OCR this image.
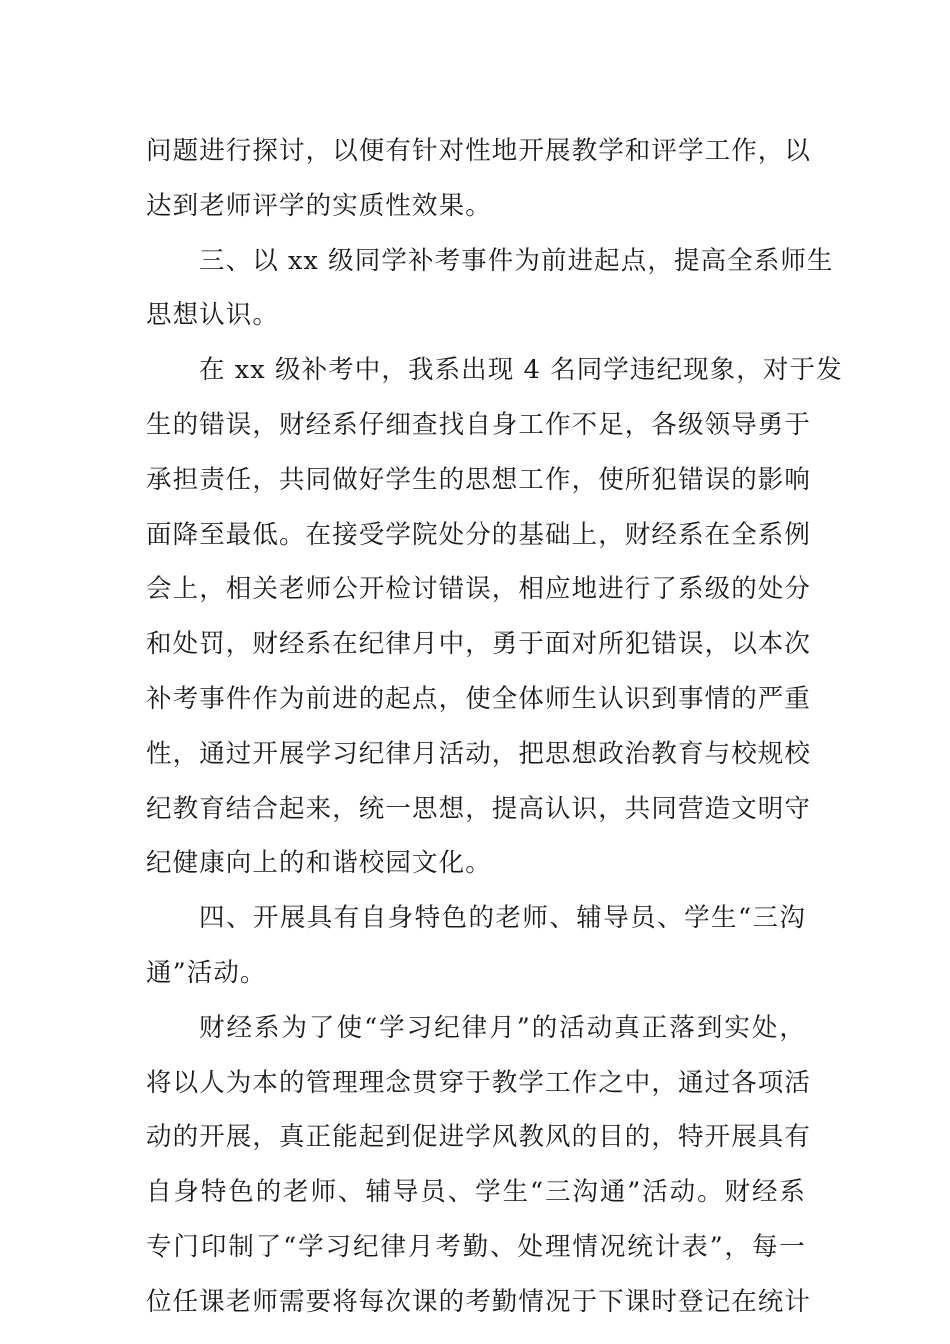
问题进行探讨，以便有针对性地开展教学和评学工作，以
达到老师评学的实质性效果。

三、以 xx 级同学补考事件为前进起点，提高全系师生
思想认识。

在 xx 级补考中，我系出现 4 名同学违纪现象，对于发
生的错误，财经系仔细查找自身工作不足，各级领导勇于
承担责任，共同做好学生的思想工作，使所犯错误的影响
面降至最低。在接受学院处分的基础上，财经系在全系例
会上，相关老师公开检讨错误，相应地进行了系级的处分
和处罚，财经系在纪律月中，勇于面对所犯错误，以本次
补考事件作为前进的起点，使全体师生认识到事情的严重
性，通过开展学习纪律月活动，把思想政治教育与校规校
纪教育结合起来，统一思想，提高认识，共同营造文明守
纪健康向上的和谐校园文化。

四、开展具有自身特色的老师、辅导员、学生“三沟
通”活动。

财经系为了使“学习纪律月”的活动真正落到实处，
将以人为本的管理理念贯穿于教学工作之中，通过各项活
动的开展，真正能起到促进学风教风的目的，特开展具有
自身特色的老师、辅导员、学生“三沟通”活动。财经系
专门印制了“学习纪律月考勤、处理情况统计表”，每一
位任课老师需要将每次课的考勤情况于下课时登记在统计
